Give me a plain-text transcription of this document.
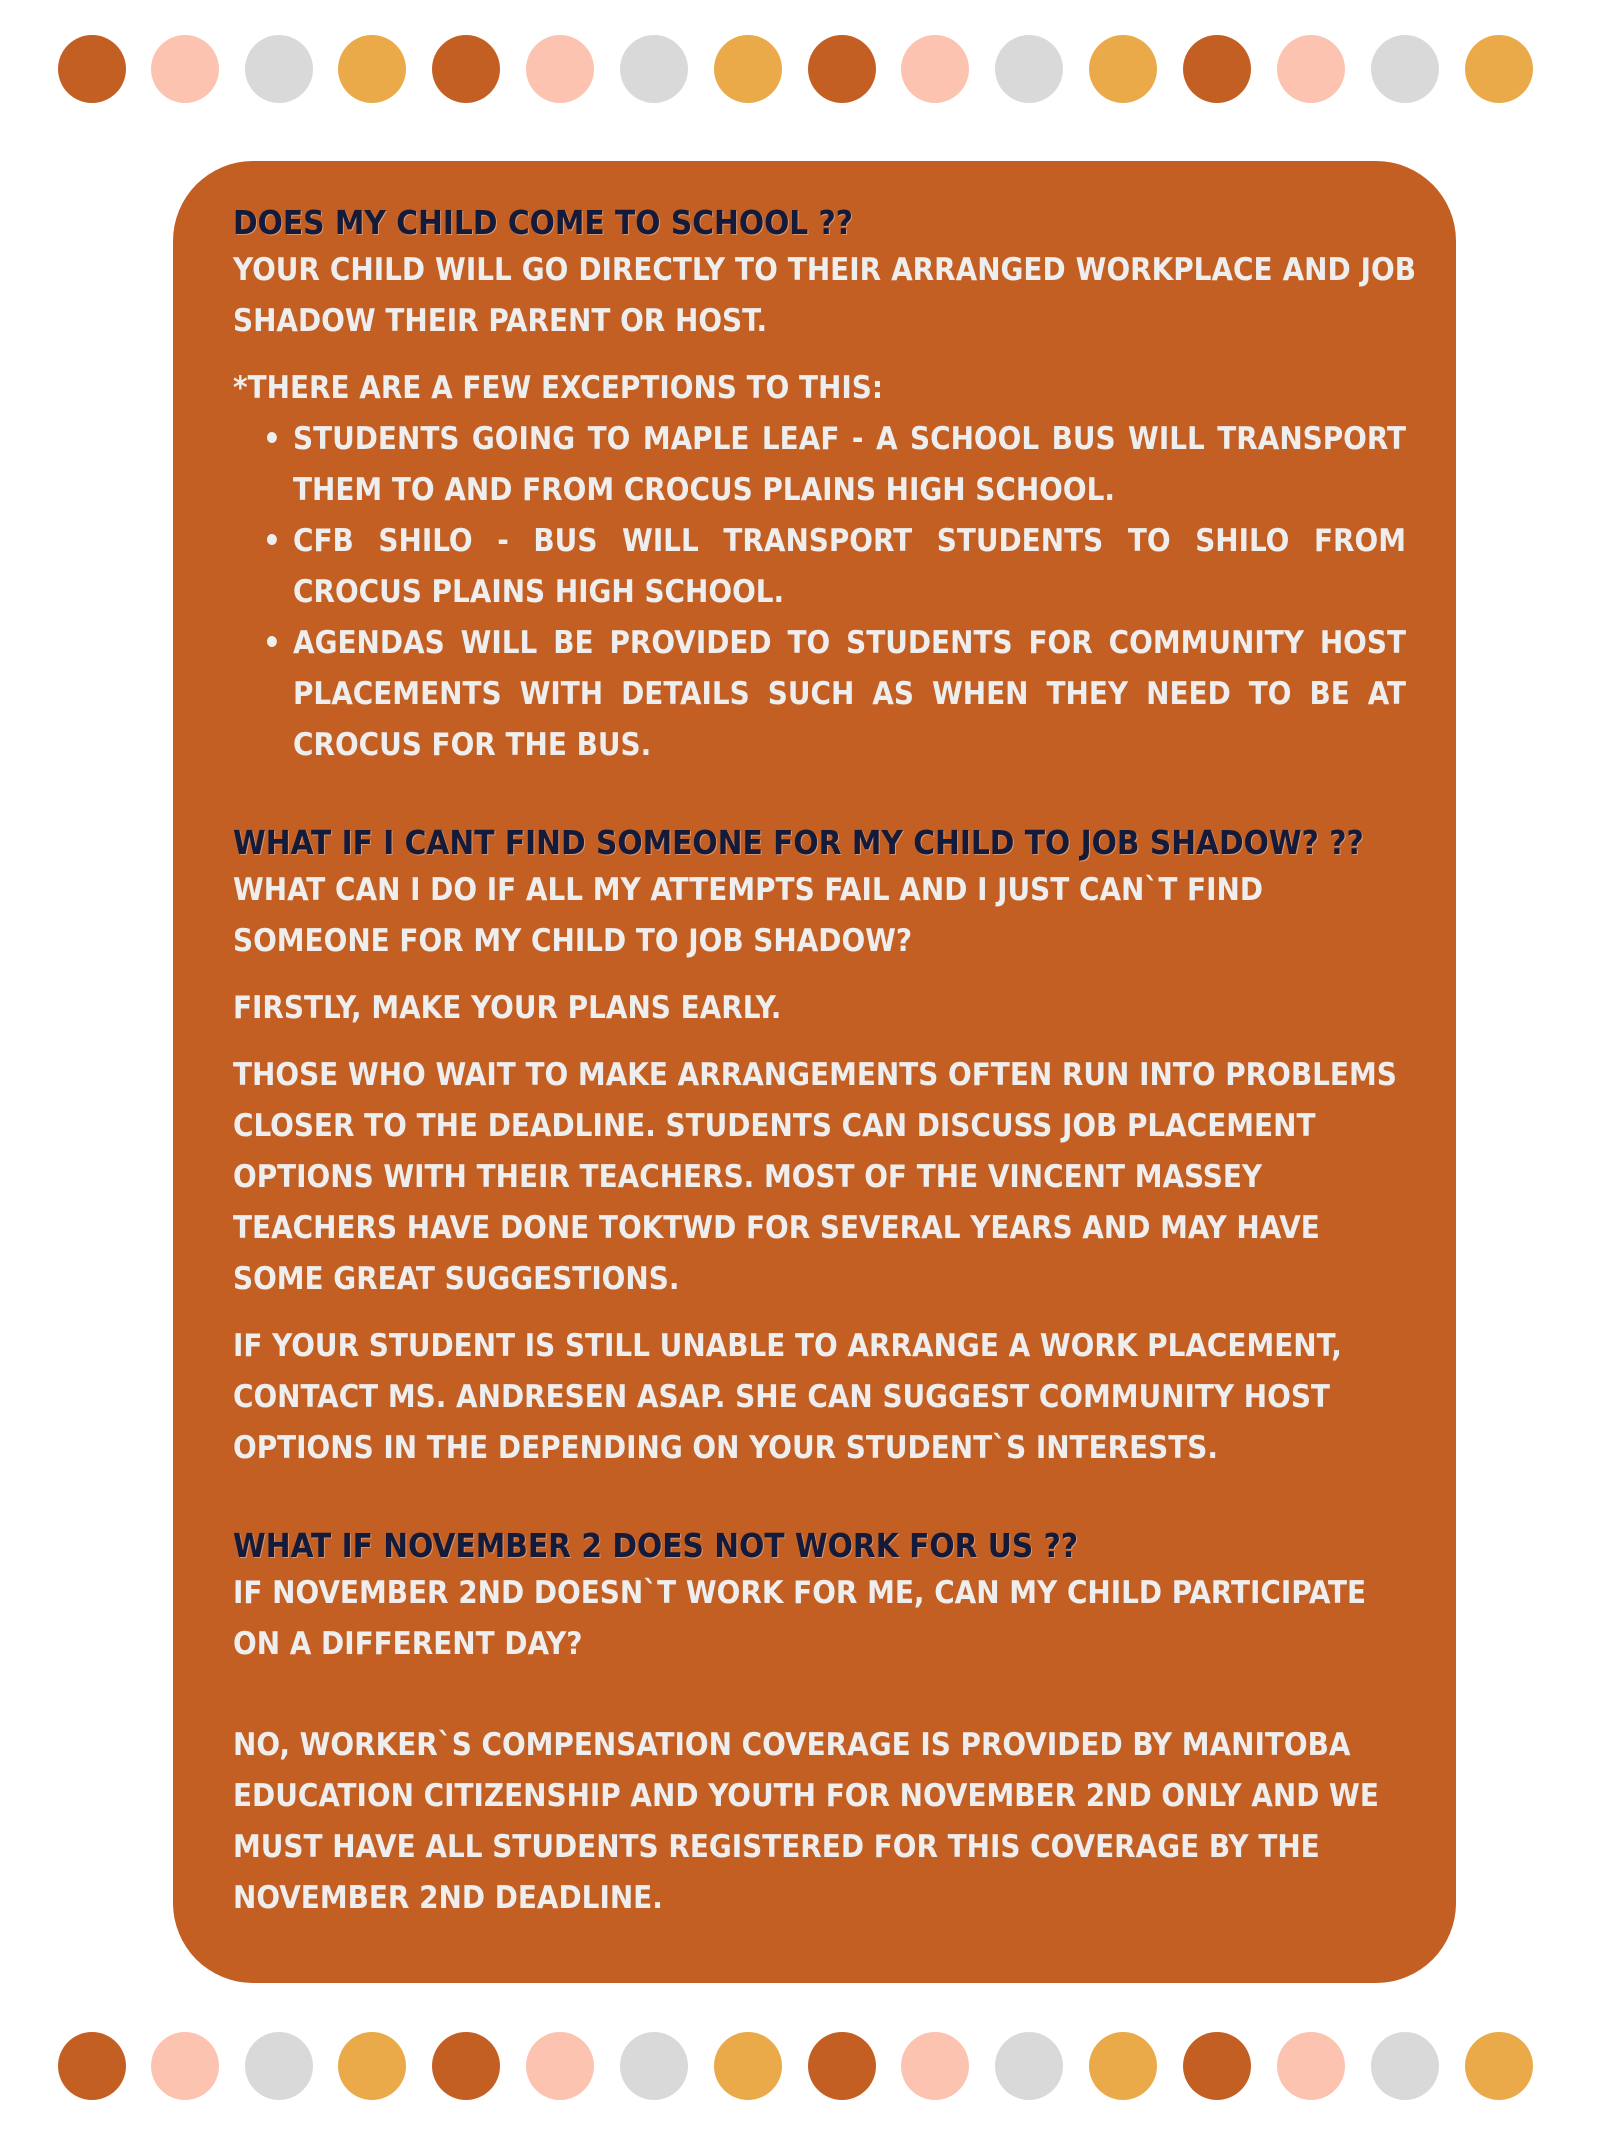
DOES MY CHILD COME TO SCHOOL ??

YOUR CHILD WILL GO DIRECTLY TO THEIR ARRANGED WORKPLACE AND JOB SHADOW THEIR PARENT OR HOST.

*THERE ARE A FEW EXCEPTIONS TO THIS:

• STUDENTS GOING TO MAPLE LEAF - A SCHOOL BUS WILL TRANSPORT THEM TO AND FROM CROCUS PLAINS HIGH SCHOOL.
• CFB SHILO - BUS WILL TRANSPORT STUDENTS TO SHILO FROM CROCUS PLAINS HIGH SCHOOL.
• AGENDAS WILL BE PROVIDED TO STUDENTS FOR COMMUNITY HOST PLACEMENTS WITH DETAILS SUCH AS WHEN THEY NEED TO BE AT CROCUS FOR THE BUS.
WHAT IF I CANT FIND SOMEONE FOR MY CHILD TO JOB SHADOW? ??

WHAT CAN I DO IF ALL MY ATTEMPTS FAIL AND I JUST CAN`T FIND SOMEONE FOR MY CHILD TO JOB SHADOW?

FIRSTLY, MAKE YOUR PLANS EARLY.

THOSE WHO WAIT TO MAKE ARRANGEMENTS OFTEN RUN INTO PROBLEMS CLOSER TO THE DEADLINE. STUDENTS CAN DISCUSS JOB PLACEMENT OPTIONS WITH THEIR TEACHERS. MOST OF THE VINCENT MASSEY TEACHERS HAVE DONE TOKTWD FOR SEVERAL YEARS AND MAY HAVE SOME GREAT SUGGESTIONS.

IF YOUR STUDENT IS STILL UNABLE TO ARRANGE A WORK PLACEMENT, CONTACT MS. ANDRESEN ASAP. SHE CAN SUGGEST COMMUNITY HOST OPTIONS IN THE DEPENDING ON YOUR STUDENT`S INTERESTS.

WHAT IF NOVEMBER 2 DOES NOT WORK FOR US ??

IF NOVEMBER 2ND DOESN`T WORK FOR ME, CAN MY CHILD PARTICIPATE ON A DIFFERENT DAY?

NO, WORKER`S COMPENSATION COVERAGE IS PROVIDED BY MANITOBA EDUCATION CITIZENSHIP AND YOUTH FOR NOVEMBER 2ND ONLY AND WE MUST HAVE ALL STUDENTS REGISTERED FOR THIS COVERAGE BY THE NOVEMBER 2ND DEADLINE.
